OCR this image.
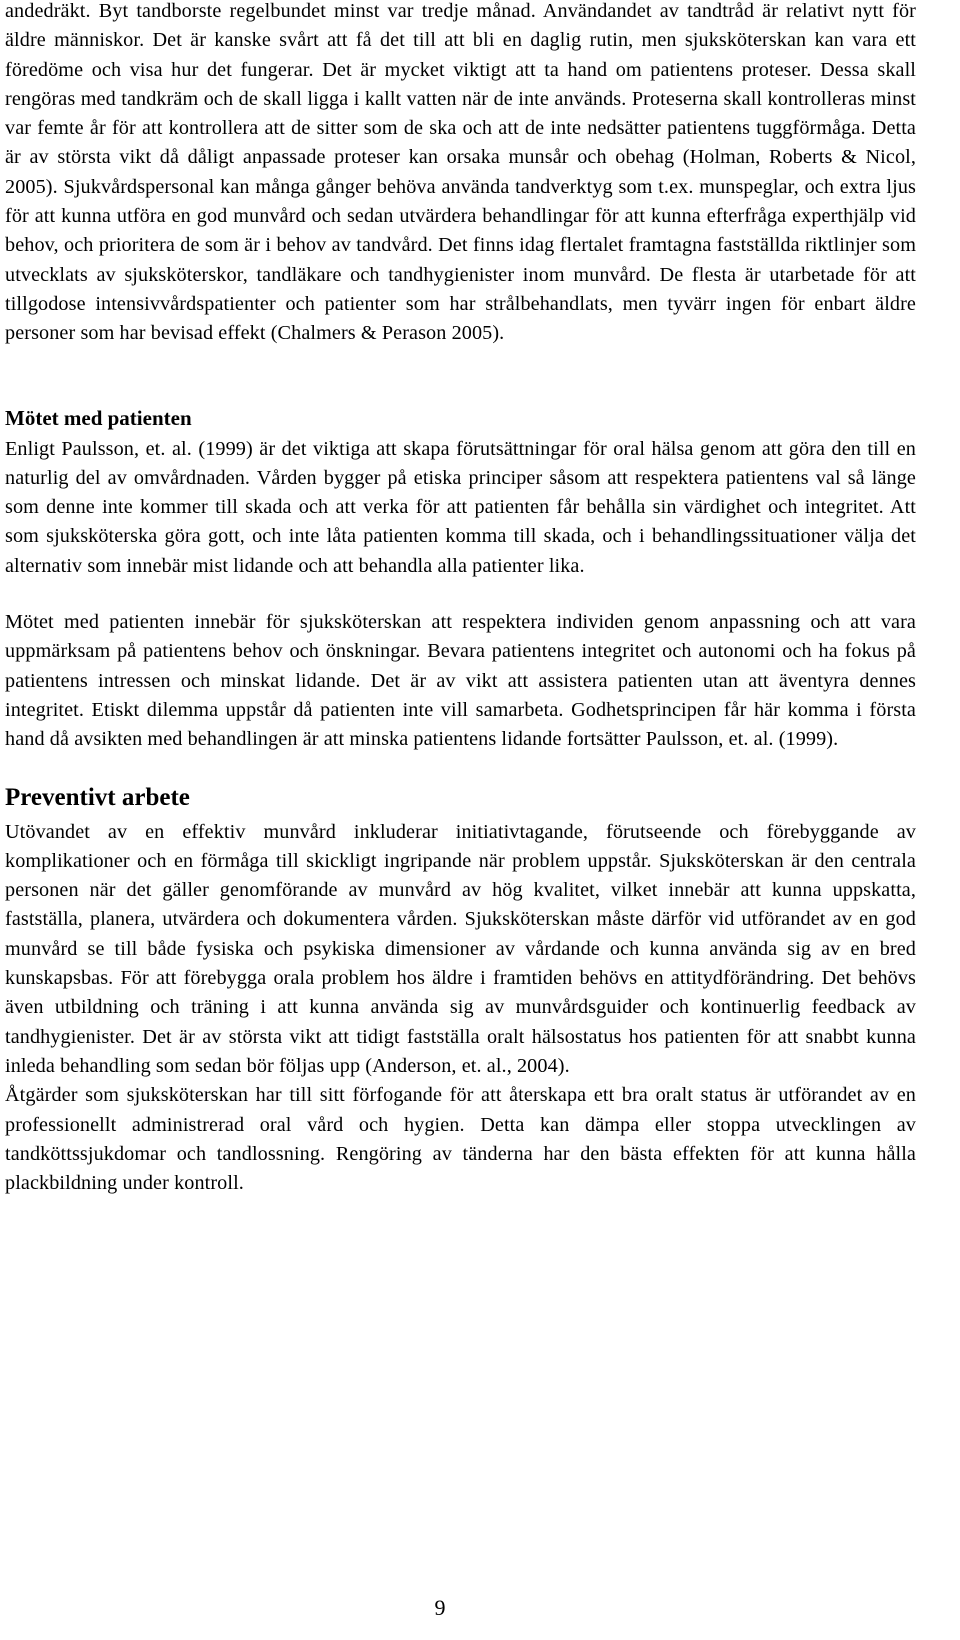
andedräkt. Byt tandborste regelbundet minst var tredje månad. Användandet av tandtråd är relativt nytt för äldre människor. Det är kanske svårt att få det till att bli en daglig rutin, men sjuksköterskan kan vara ett föredöme och visa hur det fungerar. Det är mycket viktigt att ta hand om patientens proteser. Dessa skall rengöras med tandkräm och de skall ligga i kallt vatten när de inte används. Proteserna skall kontrolleras minst var femte år för att kontrollera att de sitter som de ska och att de inte nedsätter patientens tuggförmåga. Detta är av största vikt då dåligt anpassade proteser kan orsaka munsår och obehag (Holman, Roberts & Nicol, 2005). Sjukvårdspersonal kan många gånger behöva använda tandverktyg som t.ex. munspeglar, och extra ljus för att kunna utföra en god munvård och sedan utvärdera behandlingar för att kunna efterfråga experthjälp vid behov, och prioritera de som är i behov av tandvård. Det finns idag flertalet framtagna fastställda riktlinjer som utvecklats av sjuksköterskor, tandläkare och tandhygienister inom munvård. De flesta är utarbetade för att tillgodose intensivvårdspatienter och patienter som har strålbehandlats, men tyvärr ingen för enbart äldre personer som har bevisad effekt (Chalmers & Perason 2005).

Mötet med patienten

Enligt Paulsson, et. al. (1999) är det viktiga att skapa förutsättningar för oral hälsa genom att göra den till en naturlig del av omvårdnaden. Vården bygger på etiska principer såsom att respektera patientens val så länge som denne inte kommer till skada och att verka för att patienten får behålla sin värdighet och integritet. Att som sjuksköterska göra gott, och inte låta patienten komma till skada, och i behandlingssituationer välja det alternativ som innebär mist lidande och att behandla alla patienter lika.

Mötet med patienten innebär för sjuksköterskan att respektera individen genom anpassning och att vara uppmärksam på patientens behov och önskningar. Bevara patientens integritet och autonomi och ha fokus på patientens intressen och minskat lidande. Det är av vikt att assistera patienten utan att äventyra dennes integritet. Etiskt dilemma uppstår då patienten inte vill samarbeta. Godhetsprincipen får här komma i första hand då avsikten med behandlingen är att minska patientens lidande fortsätter Paulsson, et. al. (1999).

Preventivt arbete

Utövandet av en effektiv munvård inkluderar initiativtagande, förutseende och förebyggande av komplikationer och en förmåga till skickligt ingripande när problem uppstår. Sjuksköterskan är den centrala personen när det gäller genomförande av munvård av hög kvalitet, vilket innebär att kunna uppskatta, fastställa, planera, utvärdera och dokumentera vården. Sjuksköterskan måste därför vid utförandet av en god munvård se till både fysiska och psykiska dimensioner av vårdande och kunna använda sig av en bred kunskapsbas. För att förebygga orala problem hos äldre i framtiden behövs en attitydförändring. Det behövs även utbildning och träning i att kunna använda sig av munvårdsguider och kontinuerlig feedback av tandhygienister. Det är av största vikt att tidigt fastställa oralt hälsostatus hos patienten för att snabbt kunna inleda behandling som sedan bör följas upp (Anderson, et. al., 2004).

Åtgärder som sjuksköterskan har till sitt förfogande för att återskapa ett bra oralt status är utförandet av en professionellt administrerad oral vård och hygien. Detta kan dämpa eller stoppa utvecklingen av tandköttssjukdomar och tandlossning. Rengöring av tänderna har den bästa effekten för att kunna hålla plackbildning under kontroll.

9
